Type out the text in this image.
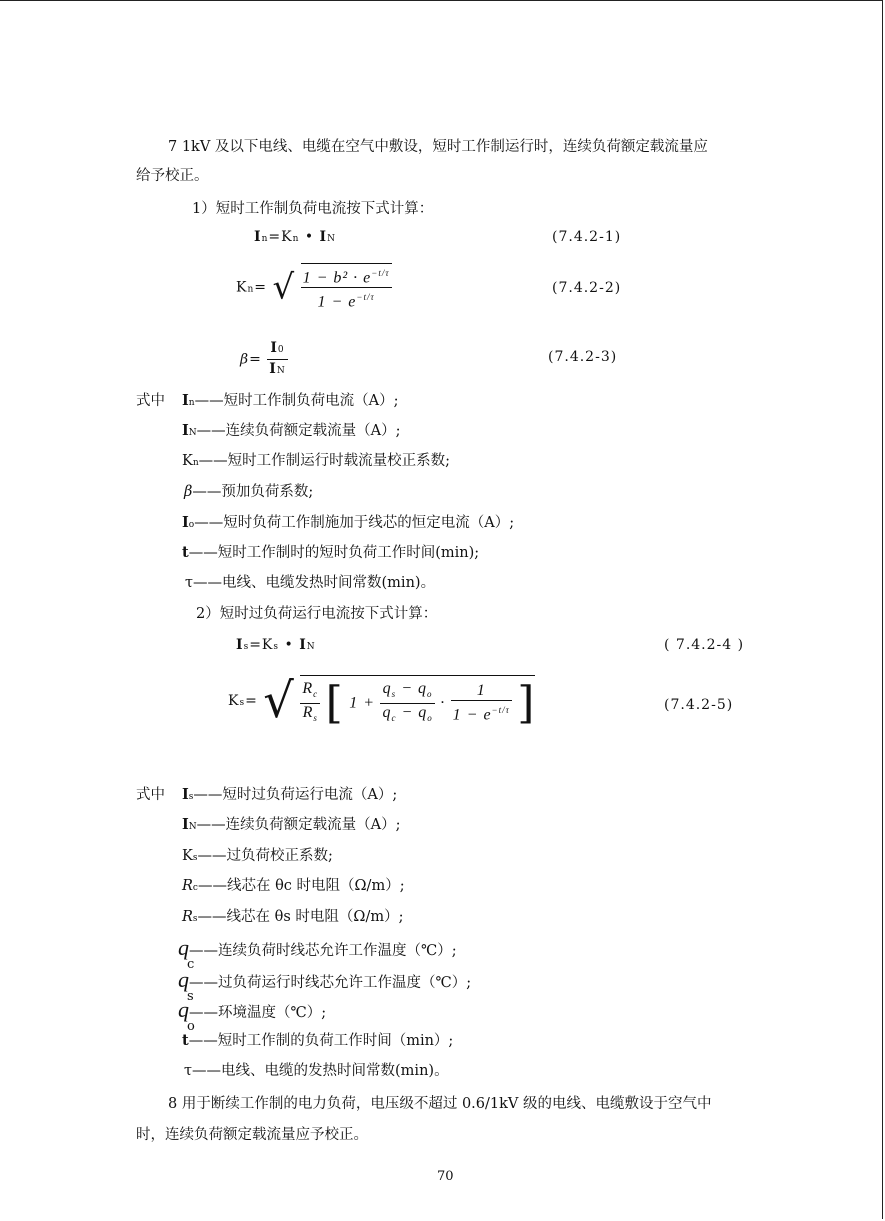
7 1kV 及以下电线、电缆在空气中敷设，短时工作制运行时，连续负荷额定载流量应
给予校正。
1）短时工作制负荷电流按下式计算：
In=Kn • IN	(7.4.2-1)
Kn= √ $\frac{1 - b^2 \cdot e^{-t/\tau}}{1 - e^{-t/\tau}}$	(7.4.2-2)
$\beta= \frac{I0}{IN}$	(7.4.2-3)
式中 In——短时工作制负荷电流（A）;
IN——连续负荷额定载流量（A）;
Kn——短时工作制运行时载流量校正系数;
β——预加负荷系数;
Io——短时负荷工作制施加于线芯的恒定电流（A）;
t——短时工作制时的短时负荷工作时间(min);
τ——电线、电缆发热时间常数(min)。
2）短时过负荷运行电流按下式计算：
Is=Ks • IN	( 7.4.2-4 )
Ks= √ $\frac{R_c}{R_s}$ [ $1 + \frac{q_s - q_o}{q_c - q_o} \cdot \frac{1}{1 - e^{-t/\tau}}$ ]	(7.4.2-5)
式中 Is——短时过负荷运行电流（A）;
IN——连续负荷额定载流量（A）;
Ks——过负荷校正系数;
Rc——线芯在 θc 时电阻（Ω/m）;
Rs——线芯在 θs 时电阻（Ω/m）;
q——连续负荷时线芯允许工作温度（℃）;
c
q——过负荷运行时线芯允许工作温度（℃）;
s
q——环境温度（℃）;
o
t——短时工作制的负荷工作时间（min）;
τ——电线、电缆的发热时间常数(min)。
8 用于断续工作制的电力负荷，电压级不超过 0.6/1kV 级的电线、电缆敷设于空气中
时，连续负荷额定载流量应予校正。
70
